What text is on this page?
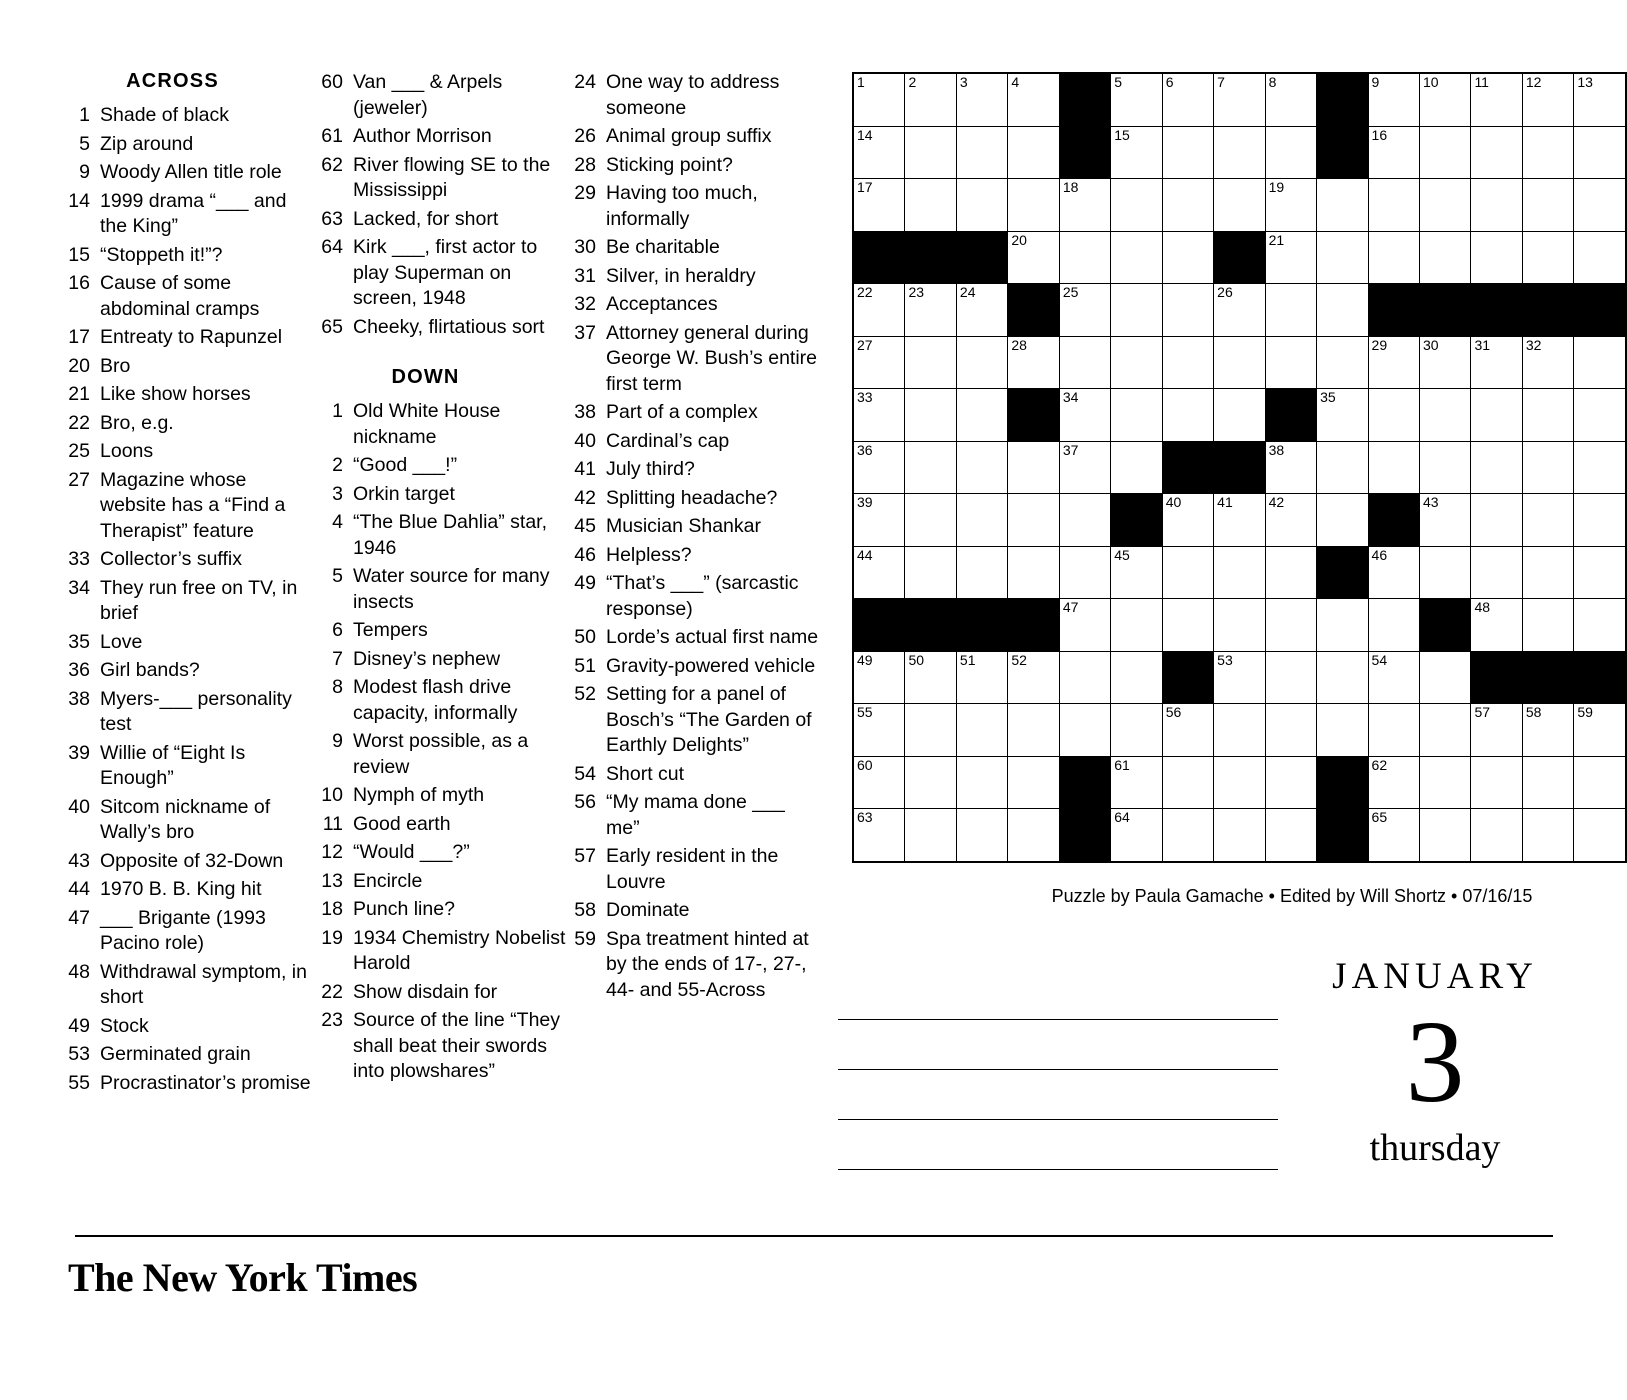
ACROSS
1 Shade of black
5 Zip around
9 Woody Allen title role
14 1999 drama “___ and the King”
15 “Stoppeth it!”?
16 Cause of some abdominal cramps
17 Entreaty to Rapunzel
20 Bro
21 Like show horses
22 Bro, e.g.
25 Loons
27 Magazine whose website has a “Find a Therapist” feature
33 Collector’s suffix
34 They run free on TV, in brief
35 Love
36 Girl bands?
38 Myers-___ personality test
39 Willie of “Eight Is Enough”
40 Sitcom nickname of Wally’s bro
43 Opposite of 32-Down
44 1970 B. B. King hit
47 ___ Brigante (1993 Pacino role)
48 Withdrawal symptom, in short
49 Stock
53 Germinated grain
55 Procrastinator’s promise
60 Van ___ & Arpels (jeweler)
61 Author Morrison
62 River flowing SE to the Mississippi
63 Lacked, for short
64 Kirk ___, first actor to play Superman on screen, 1948
65 Cheeky, flirtatious sort
DOWN
1 Old White House nickname
2 “Good ___!”
3 Orkin target
4 “The Blue Dahlia” star, 1946
5 Water source for many insects
6 Tempers
7 Disney’s nephew
8 Modest flash drive capacity, informally
9 Worst possible, as a review
10 Nymph of myth
11 Good earth
12 “Would ___?”
13 Encircle
18 Punch line?
19 1934 Chemistry Nobelist Harold
22 Show disdain for
23 Source of the line “They shall beat their swords into plowshares”
24 One way to address someone
26 Animal group suffix
28 Sticking point?
29 Having too much, informally
30 Be charitable
31 Silver, in heraldry
32 Acceptances
37 Attorney general during George W. Bush’s entire first term
38 Part of a complex
40 Cardinal’s cap
41 July third?
42 Splitting headache?
45 Musician Shankar
46 Helpless?
49 “That’s ___” (sarcastic response)
50 Lorde’s actual first name
51 Gravity-powered vehicle
52 Setting for a panel of Bosch’s “The Garden of Earthly Delights”
54 Short cut
56 “My mama done ___ me”
57 Early resident in the Louvre
58 Dominate
59 Spa treatment hinted at by the ends of 17-, 27-, 44- and 55-Across
1	2	3	4		5	6	7	8		9	10	11	12	13

14					15					16				

17				18				19						

			20					21						

22	23	24		25			26							

27			28							29	30	31	32	

33				34					35					

36				37				38						

39						40	41	42			43			

44					45					46				

				47								48		

49	50	51	52				53			54				

55						56						57	58	59

60					61					62				

63					64					65				

Puzzle by Paula Gamache • Edited by Will Shortz • 07/16/15
JANUARY
3
thursday
The New York Times
